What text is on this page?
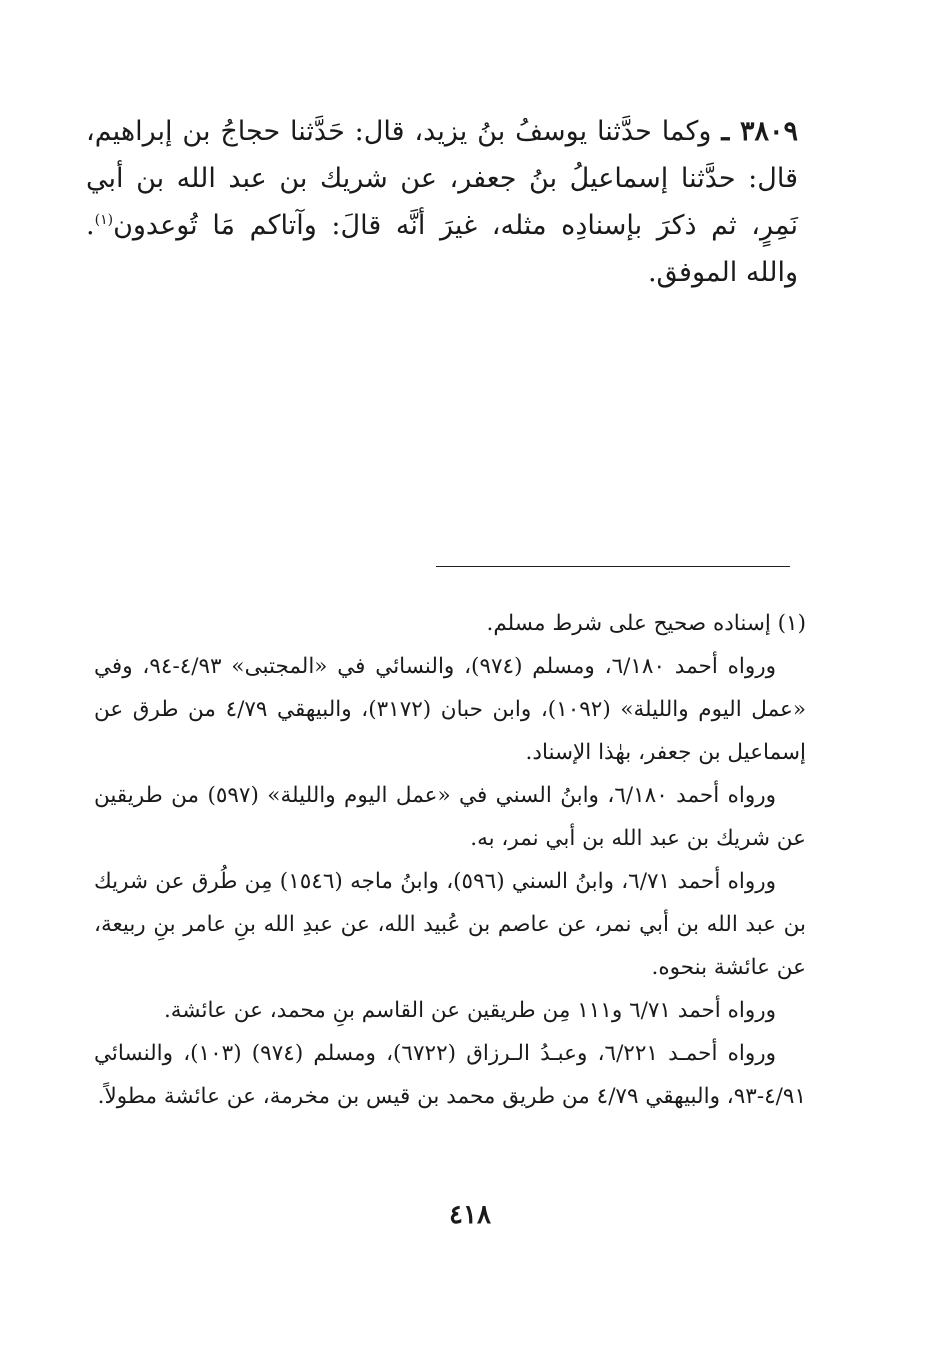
٣٨٠٩ ـ وكما حدَّثنا يوسفُ بنُ يزيد، قال: حَدَّثنا حجاجُ بن إبراهيم، قال: حدَّثنا إسماعيلُ بنُ جعفر، عن شريك بن عبد الله بن أبي نَمِرٍ، ثم ذكرَ بإسنادِه مثله، غيرَ أنَّه قالَ: وآتاكم مَا تُوعدون$^{(١)}$. والله الموفق.

(١) إسناده صحيح على شرط مسلم.

ورواه أحمد ٦/١٨٠، ومسلم (٩٧٤)، والنسائي في «المجتبى» ٤/٩٣-٩٤، وفي «عمل اليوم والليلة» (١٠٩٢)، وابن حبان (٣١٧٢)، والبيهقي ٤/٧٩ من طرق عن إسماعيل بن جعفر، بهٰذا الإسناد.

ورواه أحمد ٦/١٨٠، وابنُ السني في «عمل اليوم والليلة» (٥٩٧) من طريقين عن شريك بن عبد الله بن أبي نمر، به.

ورواه أحمد ٦/٧١، وابنُ السني (٥٩٦)، وابنُ ماجه (١٥٤٦) مِن طُرق عن شريك بن عبد الله بن أبي نمر، عن عاصم بن عُبيد الله، عن عبدِ الله بنِ عامر بنِ ربيعة، عن عائشة بنحوه.

ورواه أحمد ٦/٧١ و١١١ مِن طريقين عن القاسم بنِ محمد، عن عائشة.

ورواه أحمـد ٦/٢٢١، وعبـدُ الـرزاق (٦٧٢٢)، ومسلم (٩٧٤) (١٠٣)، والنسائي ٤/٩١-٩٣، والبيهقي ٤/٧٩ من طريق محمد بن قيس بن مخرمة، عن عائشة مطولاً.

٤١٨
